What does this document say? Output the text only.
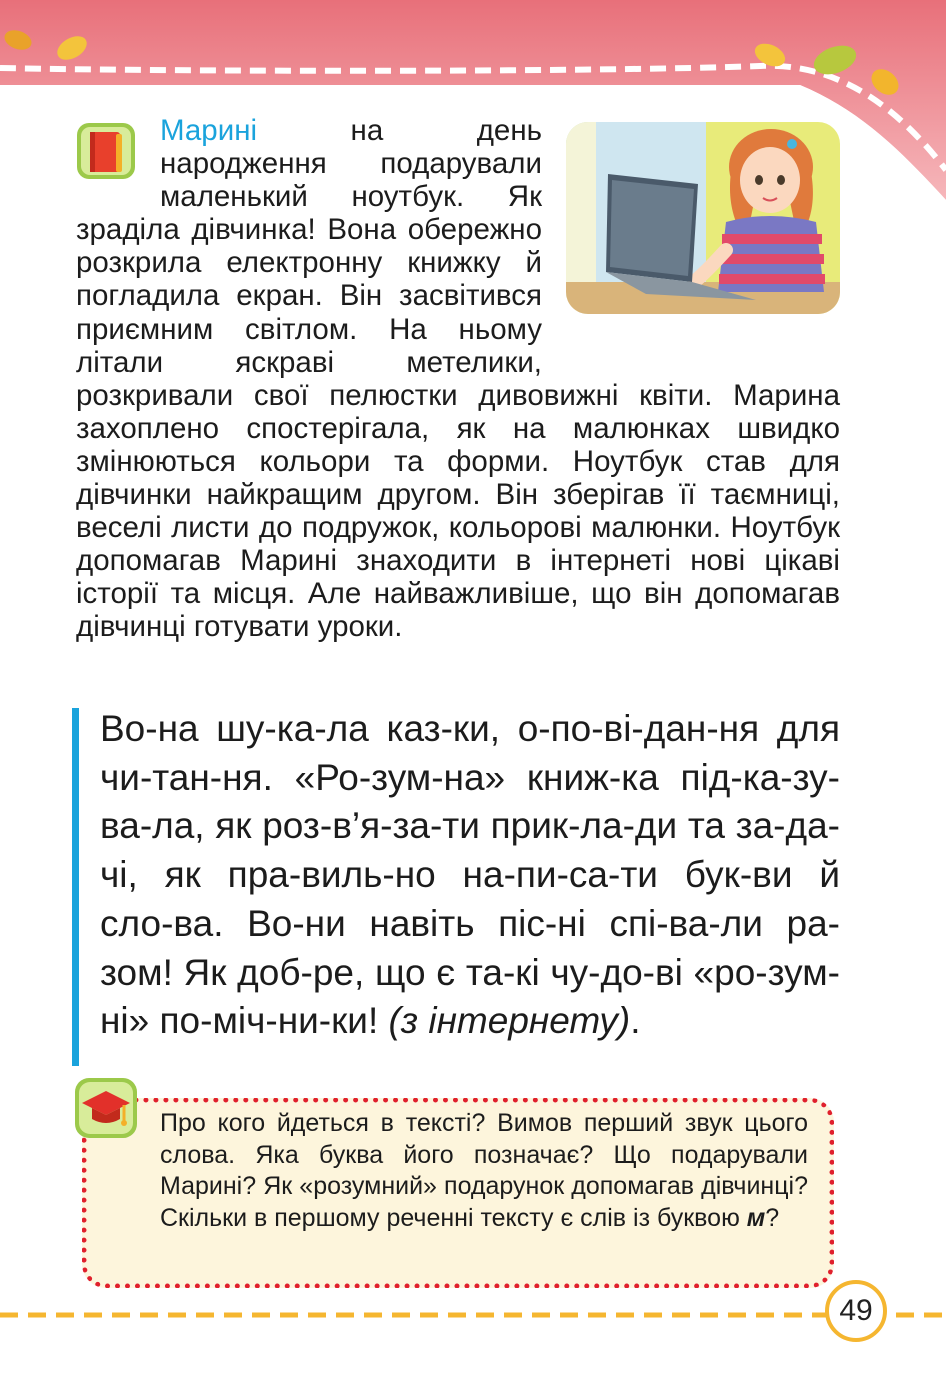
Марині на день народження подарували маленький ноутбук. Як зраділа дівчинка! Вона обережно розкрила електронну книжку й погладила екран. Він засвітився приємним світлом. На ньому літали яскраві метелики, розкривали свої пелюстки дивовижні квіти. Марина захоплено спостерігала, як на малюнках швидко змінюються кольори та форми. Ноутбук став для дівчинки найкращим другом. Він зберігав її таємниці, веселі листи до подружок, кольорові малюнки. Ноутбук допомагав Марині знаходити в інтернеті нові цікаві історії та місця. Але найважливіше, що він допомагав дівчинці готувати уроки.

Во-на шу-ка-ла каз-ки, о-по-ві-дан-ня для чи-тан-ня. «Ро-зум-на» книж-ка під-ка-зу-ва-ла, як роз-в’я-за-ти прик-ла-ди та за-да-чі, як пра-виль-но на-пи-са-ти бук-ви й сло-ва. Во-ни навіть піс-ні спі-ва-ли ра-зом! Як доб-ре, що є та-кі чу-до-ві «ро-зум-ні» по-міч-ни-ки! (з інтернету).

Про кого йдеться в тексті? Вимов перший звук цього слова. Яка буква його позначає? Що подарували Марині? Як «розумний» подарунок допомагав дівчинці? Скільки в першому реченні тексту є слів із буквою м?

49
